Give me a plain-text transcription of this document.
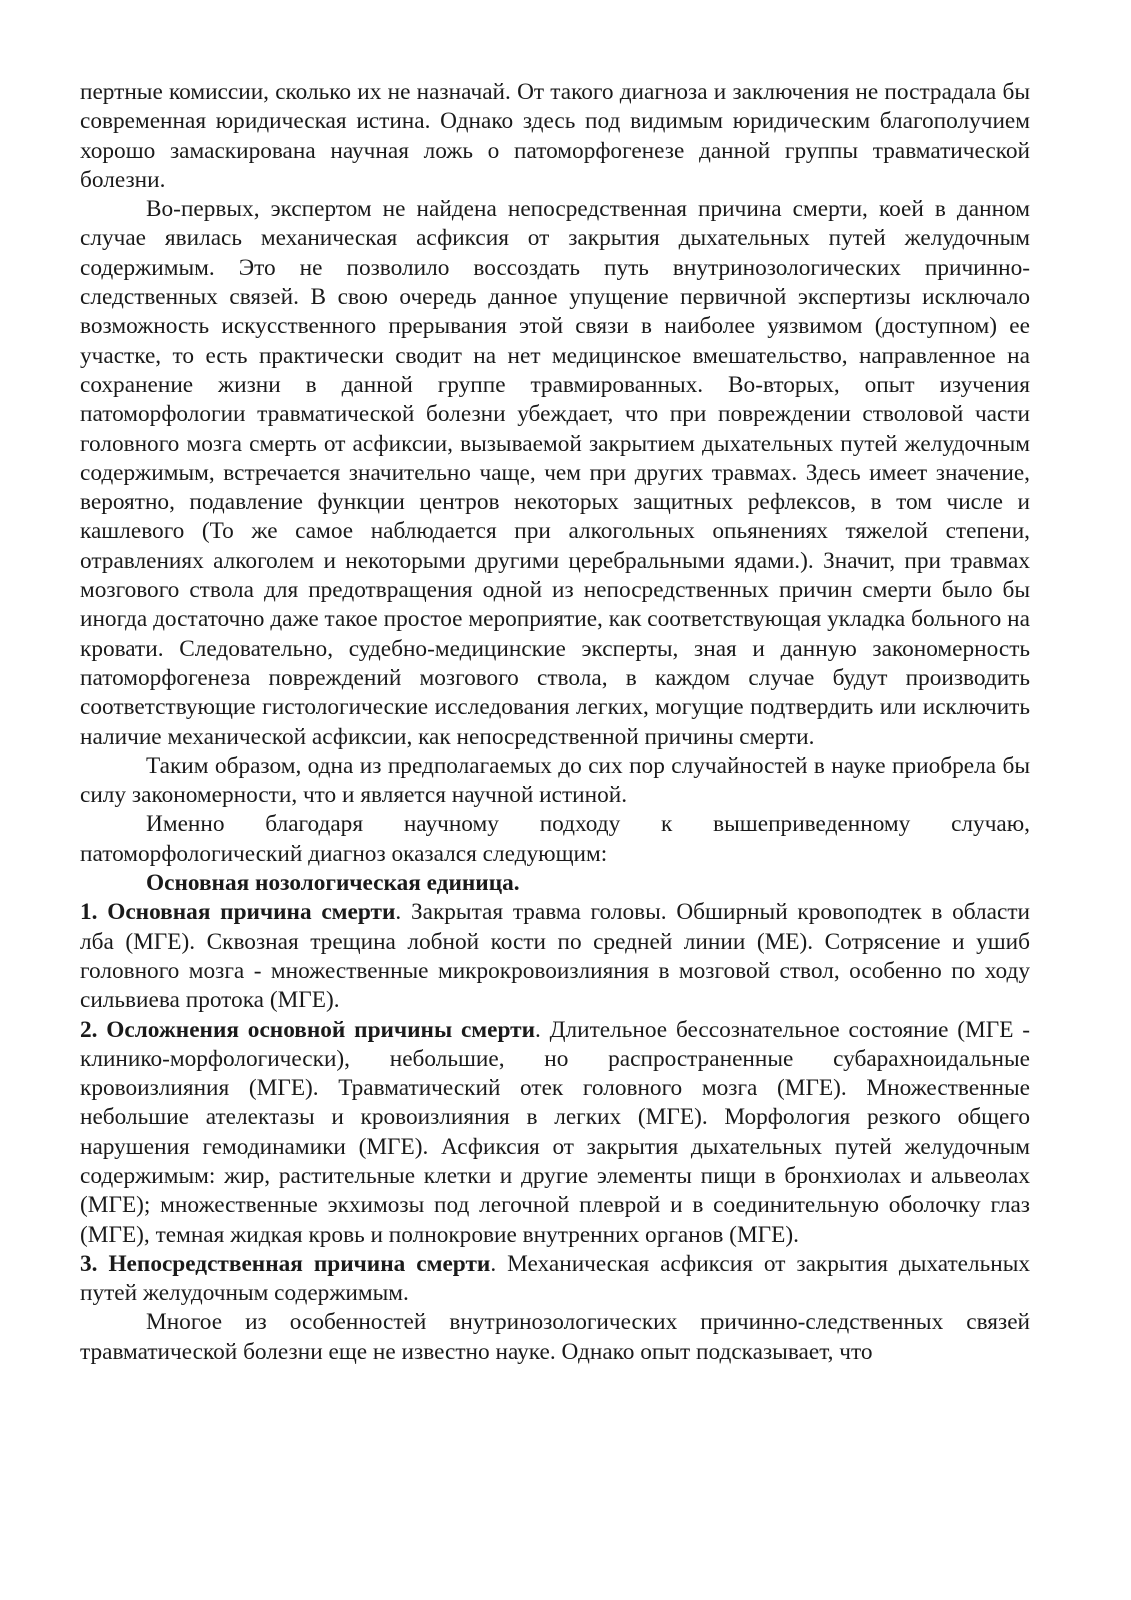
пертные комиссии, сколько их не назначай. От такого диагноза и заключения не пострадала бы современная юридическая истина. Однако здесь под видимым юридическим благополучием хорошо замаскирована научная ложь о патоморфогенезе данной группы травматической болезни.

Во-первых, экспертом не найдена непосредственная причина смерти, коей в данном случае явилась механическая асфиксия от закрытия дыхательных путей желудочным содержимым. Это не позволило воссоздать путь внутринозологических причинно-следственных связей. В свою очередь данное упущение первичной экспертизы исключало возможность искусственного прерывания этой связи в наиболее уязвимом (доступном) ее участке, то есть практически сводит на нет медицинское вмешательство, направленное на сохранение жизни в данной группе травмированных. Во-вторых, опыт изучения патоморфологии травматической болезни убеждает, что при повреждении стволовой части головного мозга смерть от асфиксии, вызываемой закрытием дыхательных путей желудочным содержимым, встречается значительно чаще, чем при других травмах. Здесь имеет значение, вероятно, подавление функции центров некоторых защитных рефлексов, в том числе и кашлевого (То же самое наблюдается при алкогольных опьянениях тяжелой степени, отравлениях алкоголем и некоторыми другими церебральными ядами.). Значит, при травмах мозгового ствола для предотвращения одной из непосредственных причин смерти было бы иногда достаточно даже такое простое мероприятие, как соответствующая укладка больного на кровати. Следовательно, судебно-медицинские эксперты, зная и данную закономерность патоморфогенеза повреждений мозгового ствола, в каждом случае будут производить соответствующие гистологические исследования легких, могущие подтвердить или исключить наличие механической асфиксии, как непосредственной причины смерти.

Таким образом, одна из предполагаемых до сих пор случайностей в науке приобрела бы силу закономерности, что и является научной истиной.

Именно благодаря научному подходу к вышеприведенному случаю, патоморфологический диагноз оказался следующим:

Основная нозологическая единица.

1. Основная причина смерти. Закрытая травма головы. Обширный кровоподтек в области лба (МГЕ). Сквозная трещина лобной кости по средней линии (МЕ). Сотрясение и ушиб головного мозга - множественные микрокровоизлияния в мозговой ствол, особенно по ходу сильвиева протока (МГЕ).

2. Осложнения основной причины смерти. Длительное бессознательное состояние (МГЕ - клинико-морфологически), небольшие, но распространенные субарахноидальные кровоизлияния (МГЕ). Травматический отек головного мозга (МГЕ). Множественные небольшие ателектазы и кровоизлияния в легких (МГЕ). Морфология резкого общего нарушения гемодинамики (МГЕ). Асфиксия от закрытия дыхательных путей желудочным содержимым: жир, растительные клетки и другие элементы пищи в бронхиолах и альвеолах (МГЕ); множественные экхимозы под легочной плеврой и в соединительную оболочку глаз (МГЕ), темная жидкая кровь и полнокровие внутренних органов (МГЕ).

3. Непосредственная причина смерти. Механическая асфиксия от закрытия дыхательных путей желудочным содержимым.

Многое из особенностей внутринозологических причинно-следственных связей травматической болезни еще не известно науке. Однако опыт подсказывает, что
